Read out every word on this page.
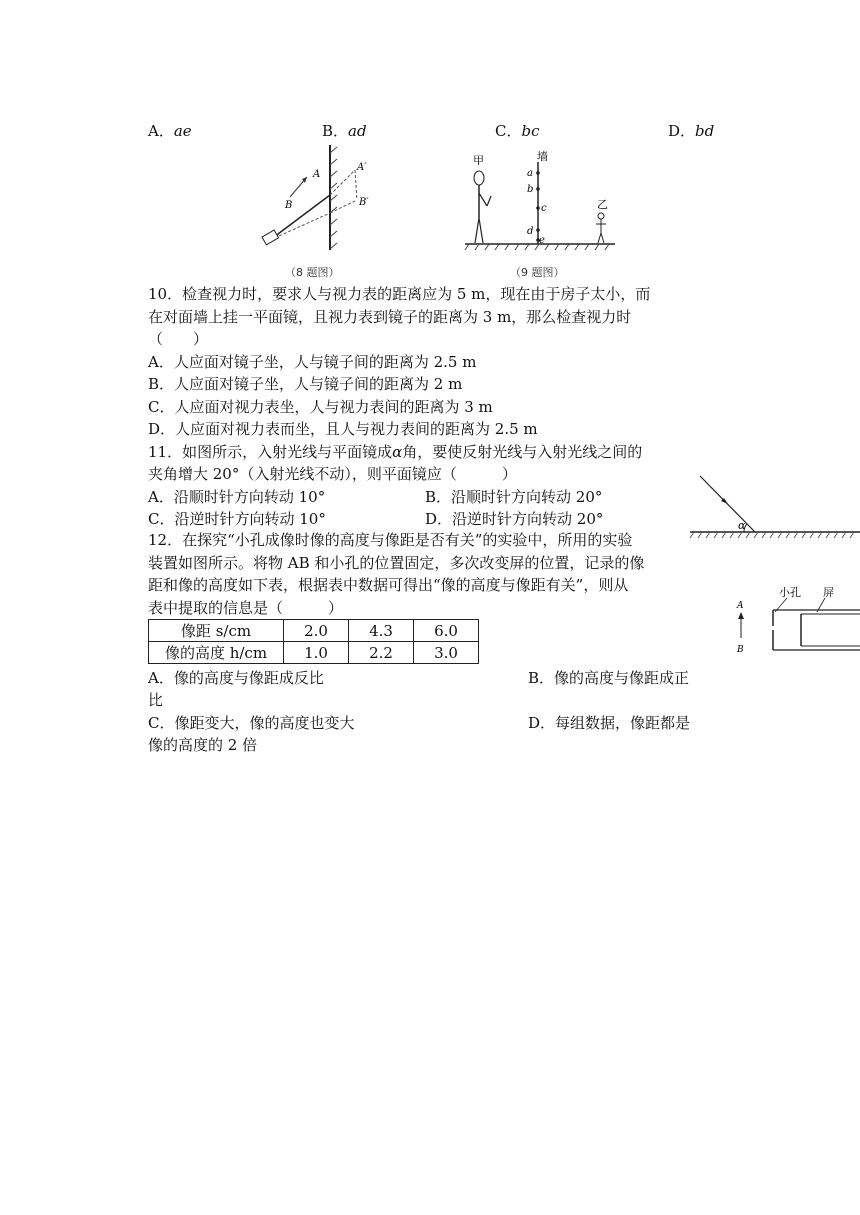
A．ae	B．ad	C．bc	D．bd
A
B
A′
B′
（8 题图）
甲	墙
乙
a
b
c
d
e
（9 题图）
10．检查视力时，要求人与视力表的距离应为 5 m，现在由于房子太小，而
在对面墙上挂一平面镜，且视力表到镜子的距离为 3 m，那么检查视力时
（　　）
A．人应面对镜子坐，人与镜子间的距离为 2.5 m
B．人应面对镜子坐，人与镜子间的距离为 2 m
C．人应面对视力表坐，人与视力表间的距离为 3 m
D．人应面对视力表而坐，且人与视力表间的距离为 2.5 m
11．如图所示，入射光线与平面镜成α角，要使反射光线与入射光线之间的
夹角增大 20°（入射光线不动），则平面镜应（　　　）
A．沿顺时针方向转动 10°	B．沿顺时针方向转动 20°
C．沿逆时针方向转动 10°	D．沿逆时针方向转动 20°	α
12．在探究“小孔成像时像的高度与像距是否有关”的实验中，所用的实验
装置如图所示。将物 AB 和小孔的位置固定，多次改变屏的位置，记录的像
距和像的高度如下表，根据表中数据可得出“像的高度与像距有关”，则从
表中提取的信息是（　　　）
像距 s/cm	2.0	4.3	6.0
像的高度 h/cm	1.0	2.2	3.0
A．像的高度与像距成反比	B．像的高度与像距成正
比
C．像距变大，像的高度也变大	D．每组数据，像距都是
像的高度的 2 倍
小孔 屏
A
B
